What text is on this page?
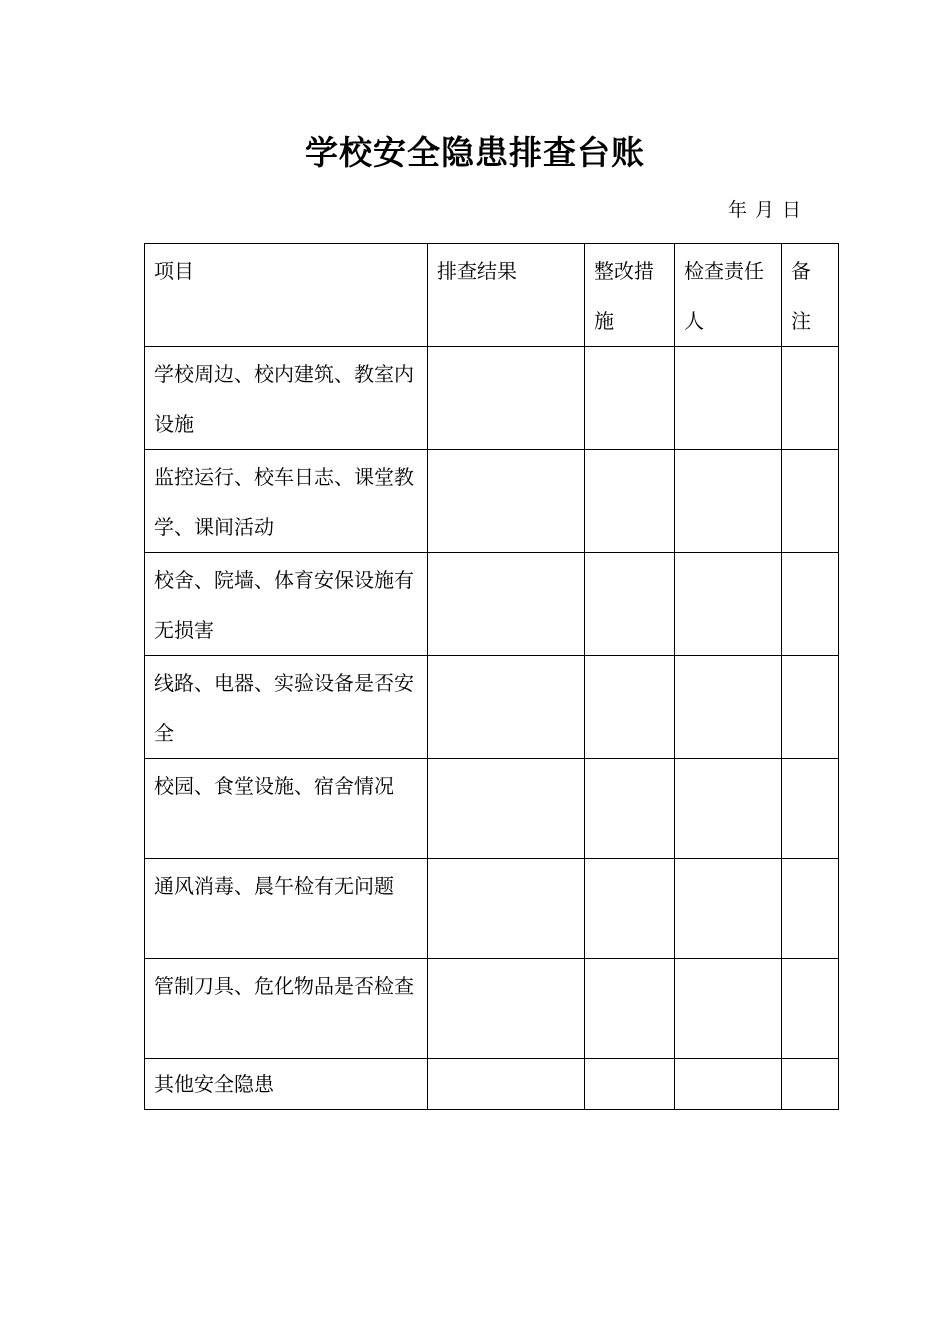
学校安全隐患排查台账
年 月 日
项目	排查结果	整改措施	检查责任人	备注
学校周边、校内建筑、教室内设施				
监控运行、校车日志、课堂教学、课间活动				
校舍、院墙、体育安保设施有无损害				
线路、电器、实验设备是否安全				
校园、食堂设施、宿舍情况				
通风消毒、晨午检有无问题				
管制刀具、危化物品是否检查				
其他安全隐患				
